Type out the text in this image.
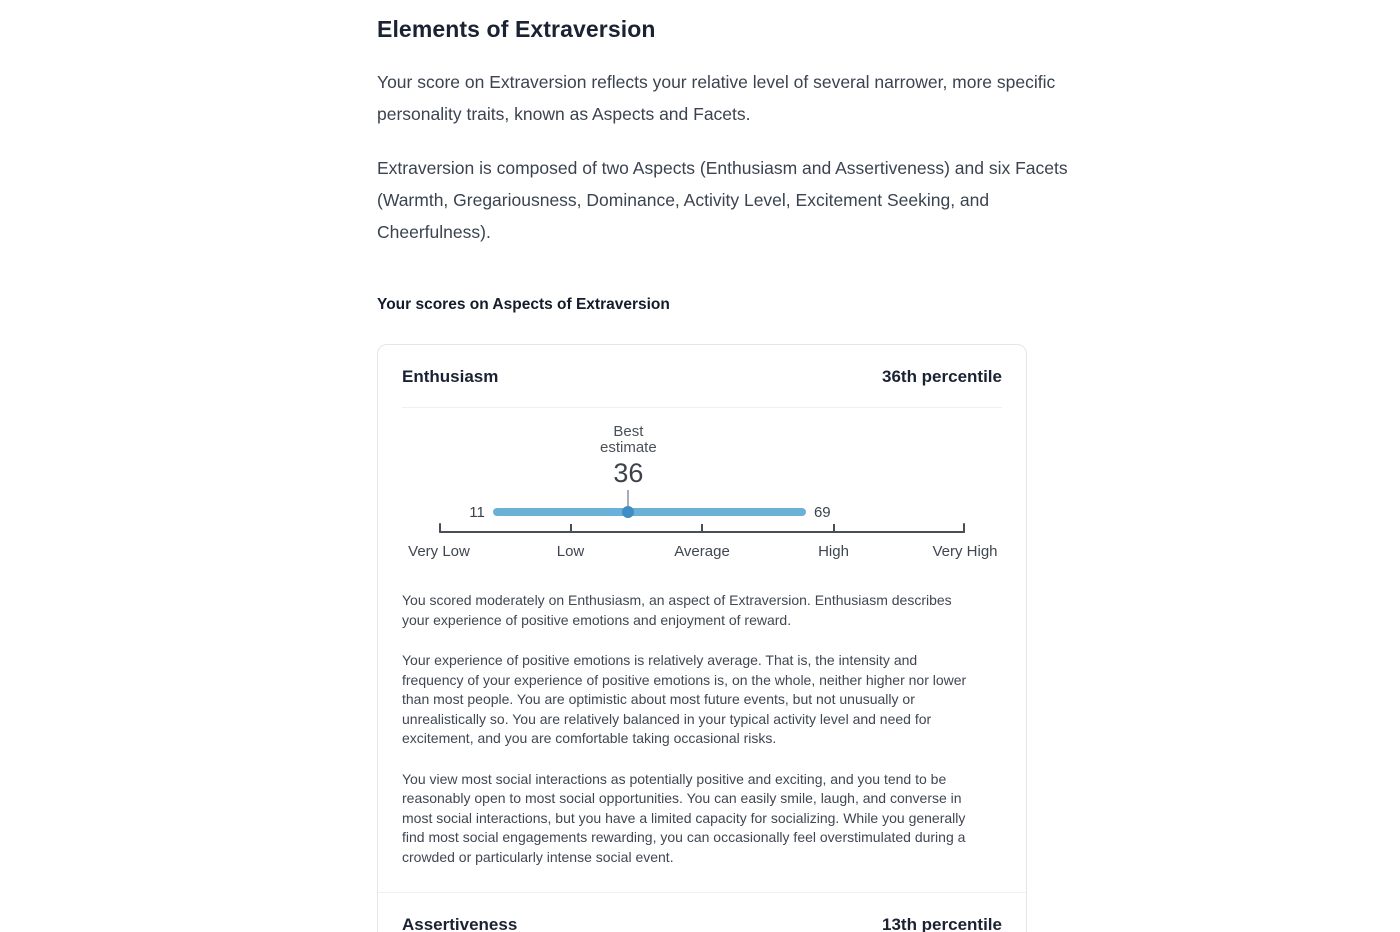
Elements of Extraversion

Your score on Extraversion reflects your relative level of several narrower, more specific personality traits, known as Aspects and Facets.

Extraversion is composed of two Aspects (Enthusiasm and Assertiveness) and six Facets (Warmth, Gregariousness, Dominance, Activity Level, Excitement Seeking, and Cheerfulness).

Your scores on Aspects of Extraversion
Enthusiasm	36th percentile
Best estimate
36
11	69
Very Low	Low	Average	High	Very High

You scored moderately on Enthusiasm, an aspect of Extraversion. Enthusiasm describes your experience of positive emotions and enjoyment of reward.

Your experience of positive emotions is relatively average. That is, the intensity and frequency of your experience of positive emotions is, on the whole, neither higher nor lower than most people. You are optimistic about most future events, but not unusually or unrealistically so. You are relatively balanced in your typical activity level and need for excitement, and you are comfortable taking occasional risks.

You view most social interactions as potentially positive and exciting, and you tend to be reasonably open to most social opportunities. You can easily smile, laugh, and converse in most social interactions, but you have a limited capacity for socializing. While you generally find most social engagements rewarding, you can occasionally feel overstimulated during a crowded or particularly intense social event.

Assertiveness	13th percentile
